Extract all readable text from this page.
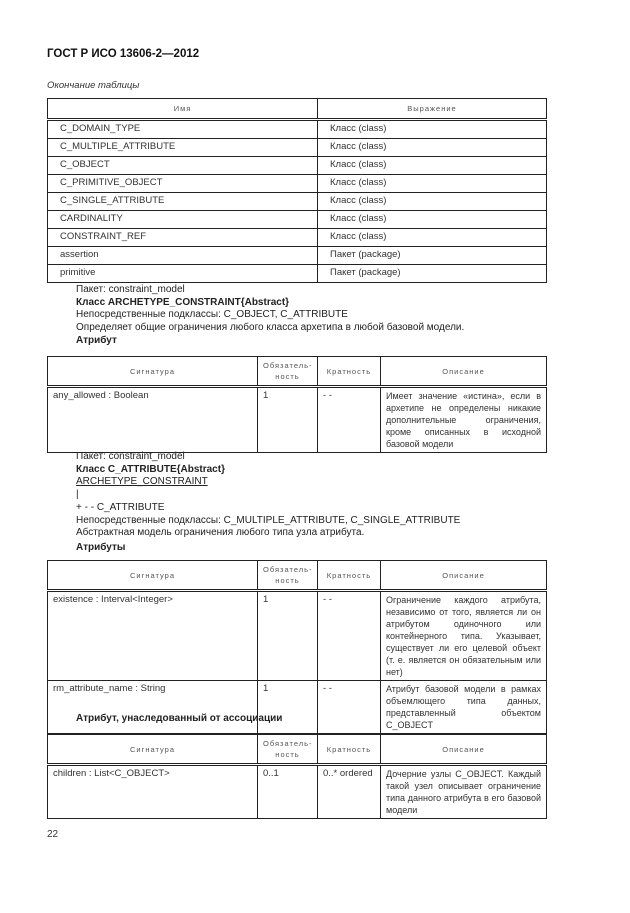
ГОСТ Р ИСО 13606-2—2012
Окончание таблицы
Имя	Выражение
C_DOMAIN_TYPE	Класс (class)
C_MULTIPLE_ATTRIBUTE	Класс (class)
C_OBJECT	Класс (class)
C_PRIMITIVE_OBJECT	Класс (class)
C_SINGLE_ATTRIBUTE	Класс (class)
CARDINALITY	Класс (class)
CONSTRAINT_REF	Класс (class)
assertion	Пакет (package)
primitive	Пакет (package)
Пакет: constraint_model
Класс ARCHETYPE_CONSTRAINT{Abstract}
Непосредственные подклассы: C_OBJECT, C_ATTRIBUTE
Определяет общие ограничения любого класса архетипа в любой базовой модели.
Атрибут
Сигнатура	Обязатель-ность	Кратность	Описание
any_allowed : Boolean	1	- -	Имеет значение «истина», если в архетипе не определены никакие дополнительные ограничения, кроме описанных в исходной базовой модели
Пакет: constraint_model
Класс C_ATTRIBUTE{Abstract}
ARCHETYPE_CONSTRAINT
|
+ - - C_ATTRIBUTE
Непосредственные подклассы: C_MULTIPLE_ATTRIBUTE, C_SINGLE_ATTRIBUTE
Абстрактная модель ограничения любого типа узла атрибута.
Атрибуты
Сигнатура	Обязатель-ность	Кратность	Описание
existence : Interval<Integer>	1	- -	Ограничение каждого атрибута, независимо от того, является ли он атрибутом одиночного или контейнерного типа. Указывает, существует ли его целевой объект (т. е. является он обязательным или нет)
rm_attribute_name : String	1	- -	Атрибут базовой модели в рамках объемлющего типа данных, представленный объектом C_OBJECT
Атрибут, унаследованный от ассоциации
Сигнатура	Обязатель-ность	Кратность	Описание
children : List<C_OBJECT>	0..1	0..* ordered	Дочерние узлы C_OBJECT. Каждый такой узел описывает ограничение типа данного атрибута в его базовой модели
22
